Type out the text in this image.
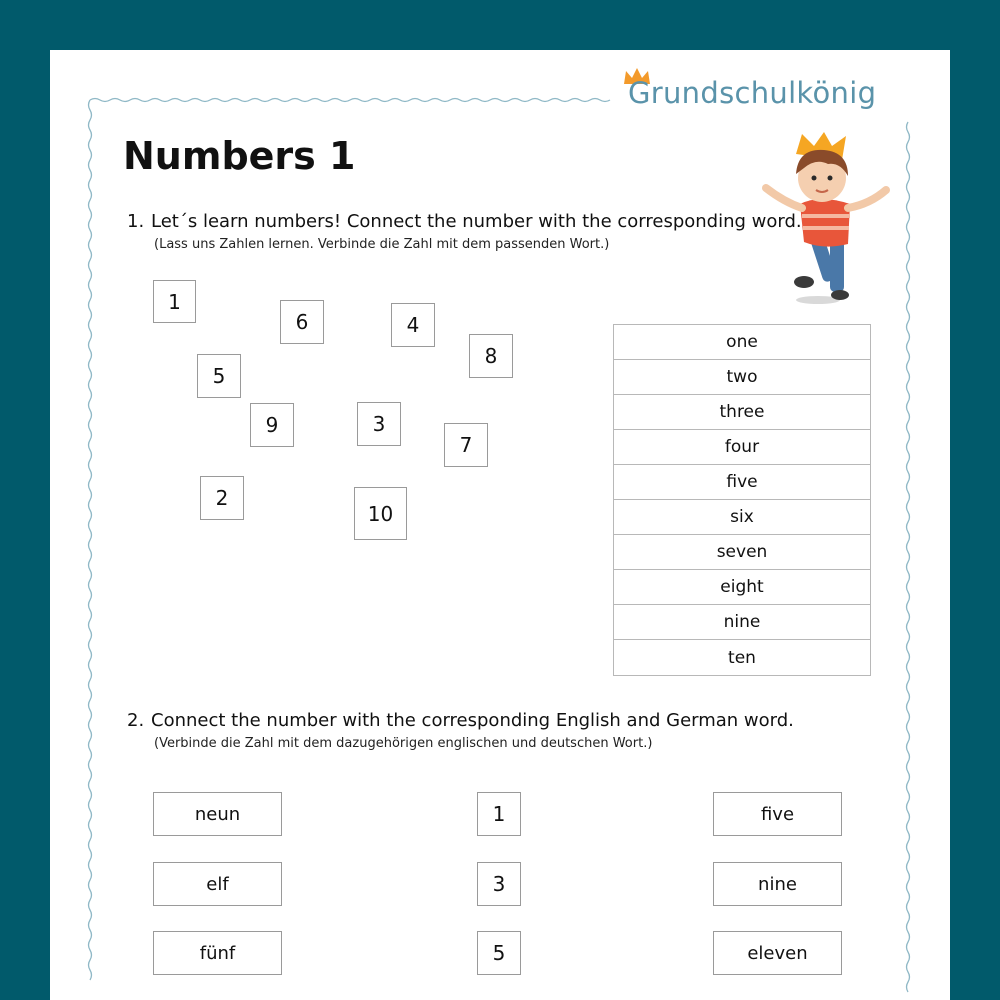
Grundschulkönig
Numbers 1
1. Let´s learn numbers! Connect the number with the corresponding word.
(Lass uns Zahlen lernen. Verbinde die Zahl mit dem passenden Wort.)
1
6	4
8
5
9	3
7
2
10
one
two
three
four
five
six
seven
eight
nine
ten
2. Connect the number with the corresponding English and German word.
(Verbinde die Zahl mit dem dazugehörigen englischen und deutschen Wort.)
neun
elf
fünf
1
3
5
five
nine
eleven
